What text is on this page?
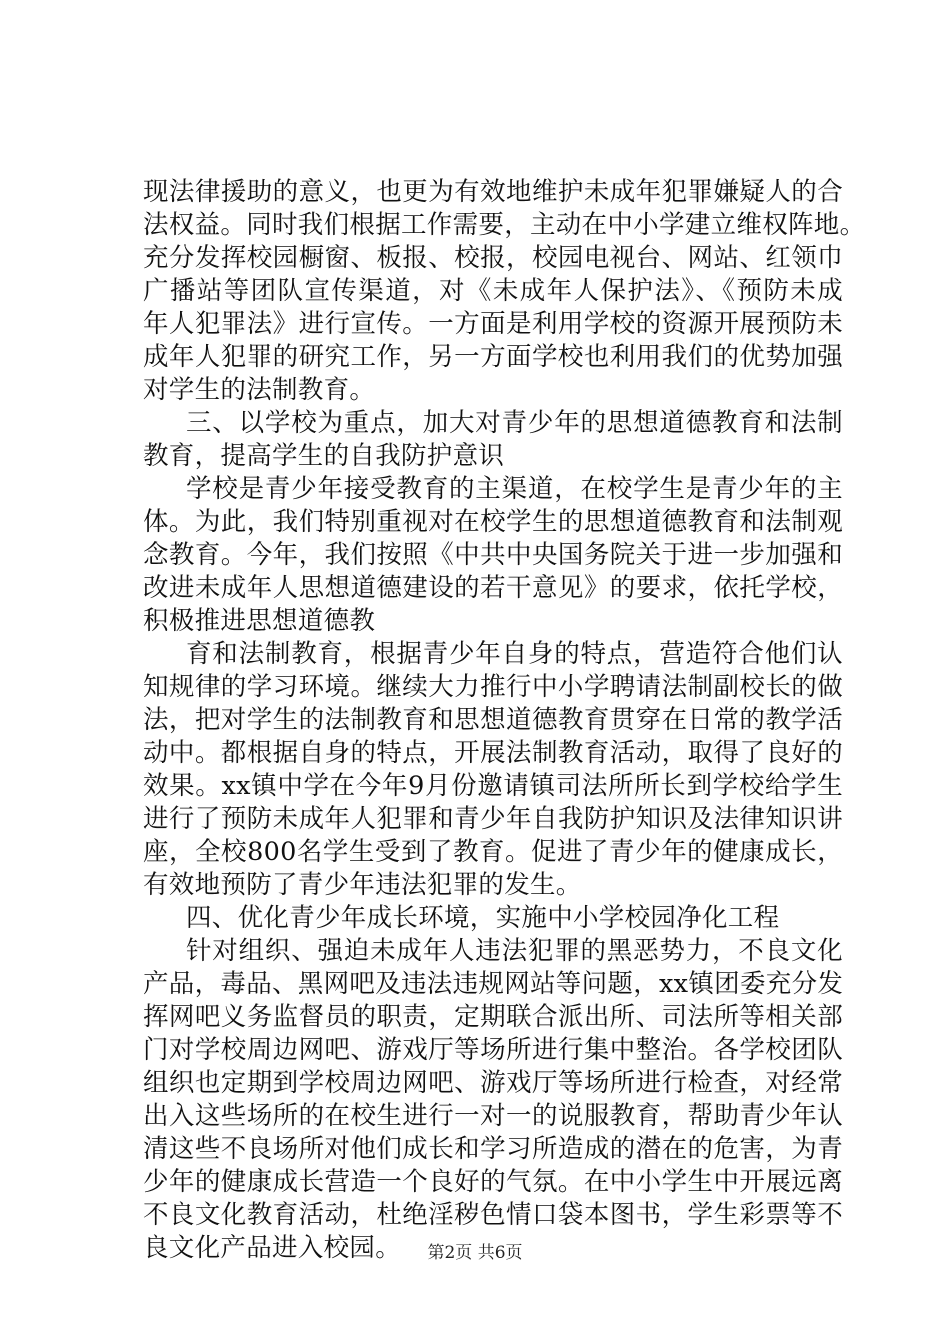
现法律援助的意义，也更为有效地维护未成年犯罪嫌疑人的合
法权益。同时我们根据工作需要，主动在中小学建立维权阵地。
充分发挥校园橱窗、板报、校报，校园电视台、网站、红领巾
广播站等团队宣传渠道，对《未成年人保护法》、《预防未成
年人犯罪法》进行宣传。一方面是利用学校的资源开展预防未
成年人犯罪的研究工作，另一方面学校也利用我们的优势加强
对学生的法制教育。
三、以学校为重点，加大对青少年的思想道德教育和法制
教育，提高学生的自我防护意识
学校是青少年接受教育的主渠道，在校学生是青少年的主
体。为此，我们特别重视对在校学生的思想道德教育和法制观
念教育。今年，我们按照《中共中央国务院关于进一步加强和
改进未成年人思想道德建设的若干意见》的要求，依托学校，
积极推进思想道德教
育和法制教育，根据青少年自身的特点，营造符合他们认
知规律的学习环境。继续大力推行中小学聘请法制副校长的做
法，把对学生的法制教育和思想道德教育贯穿在日常的教学活
动中。都根据自身的特点，开展法制教育活动，取得了良好的
效果。xx镇中学在今年9月份邀请镇司法所所长到学校给学生
进行了预防未成年人犯罪和青少年自我防护知识及法律知识讲
座，全校800名学生受到了教育。促进了青少年的健康成长，
有效地预防了青少年违法犯罪的发生。
四、优化青少年成长环境，实施中小学校园净化工程
针对组织、强迫未成年人违法犯罪的黑恶势力，不良文化
产品，毒品、黑网吧及违法违规网站等问题，xx镇团委充分发
挥网吧义务监督员的职责，定期联合派出所、司法所等相关部
门对学校周边网吧、游戏厅等场所进行集中整治。各学校团队
组织也定期到学校周边网吧、游戏厅等场所进行检查，对经常
出入这些场所的在校生进行一对一的说服教育，帮助青少年认
清这些不良场所对他们成长和学习所造成的潜在的危害，为青
少年的健康成长营造一个良好的气氛。在中小学生中开展远离
不良文化教育活动，杜绝淫秽色情口袋本图书，学生彩票等不
良文化产品进入校园。	第2页 共6页
